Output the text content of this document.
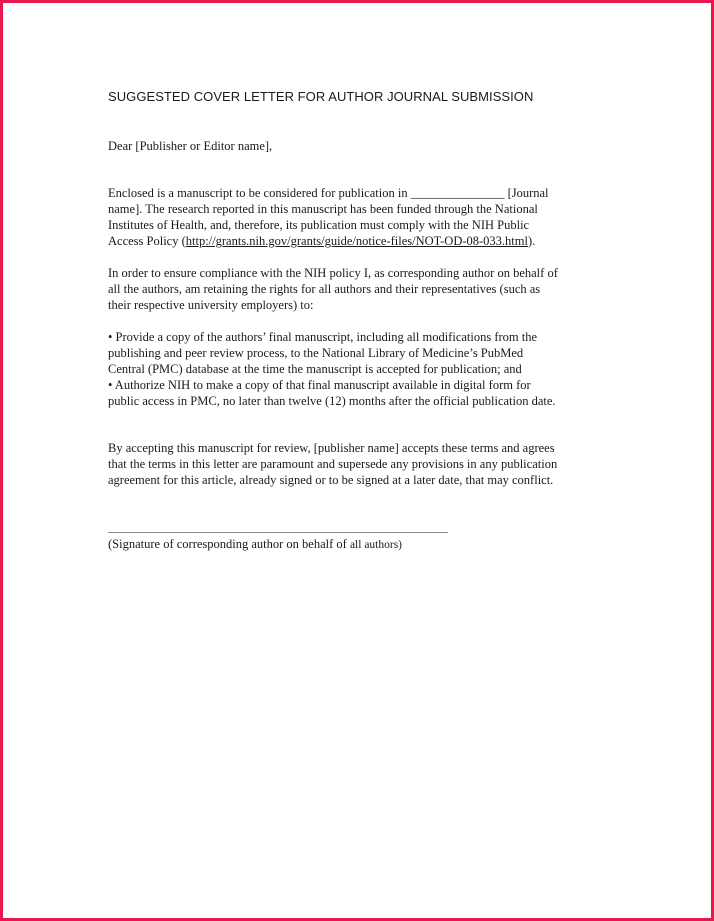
SUGGESTED COVER LETTER FOR AUTHOR JOURNAL SUBMISSION
Dear [Publisher or Editor name],
Enclosed is a manuscript to be considered for publication in _______________ [Journal
name]. The research reported in this manuscript has been funded through the National
Institutes of Health, and, therefore, its publication must comply with the NIH Public
Access Policy (http://grants.nih.gov/grants/guide/notice-files/NOT-OD-08-033.html).
In order to ensure compliance with the NIH policy I, as corresponding author on behalf of
all the authors, am retaining the rights for all authors and their representatives (such as
their respective university employers) to:
• Provide a copy of the authors’ final manuscript, including all modifications from the
publishing and peer review process, to the National Library of Medicine’s PubMed
Central (PMC) database at the time the manuscript is accepted for publication; and
• Authorize NIH to make a copy of that final manuscript available in digital form for
public access in PMC, no later than twelve (12) months after the official publication date.
By accepting this manuscript for review, [publisher name] accepts these terms and agrees
that the terms in this letter are paramount and supersede any provisions in any publication
agreement for this article, already signed or to be signed at a later date, that may conflict.
(Signature of corresponding author on behalf of all authors)
